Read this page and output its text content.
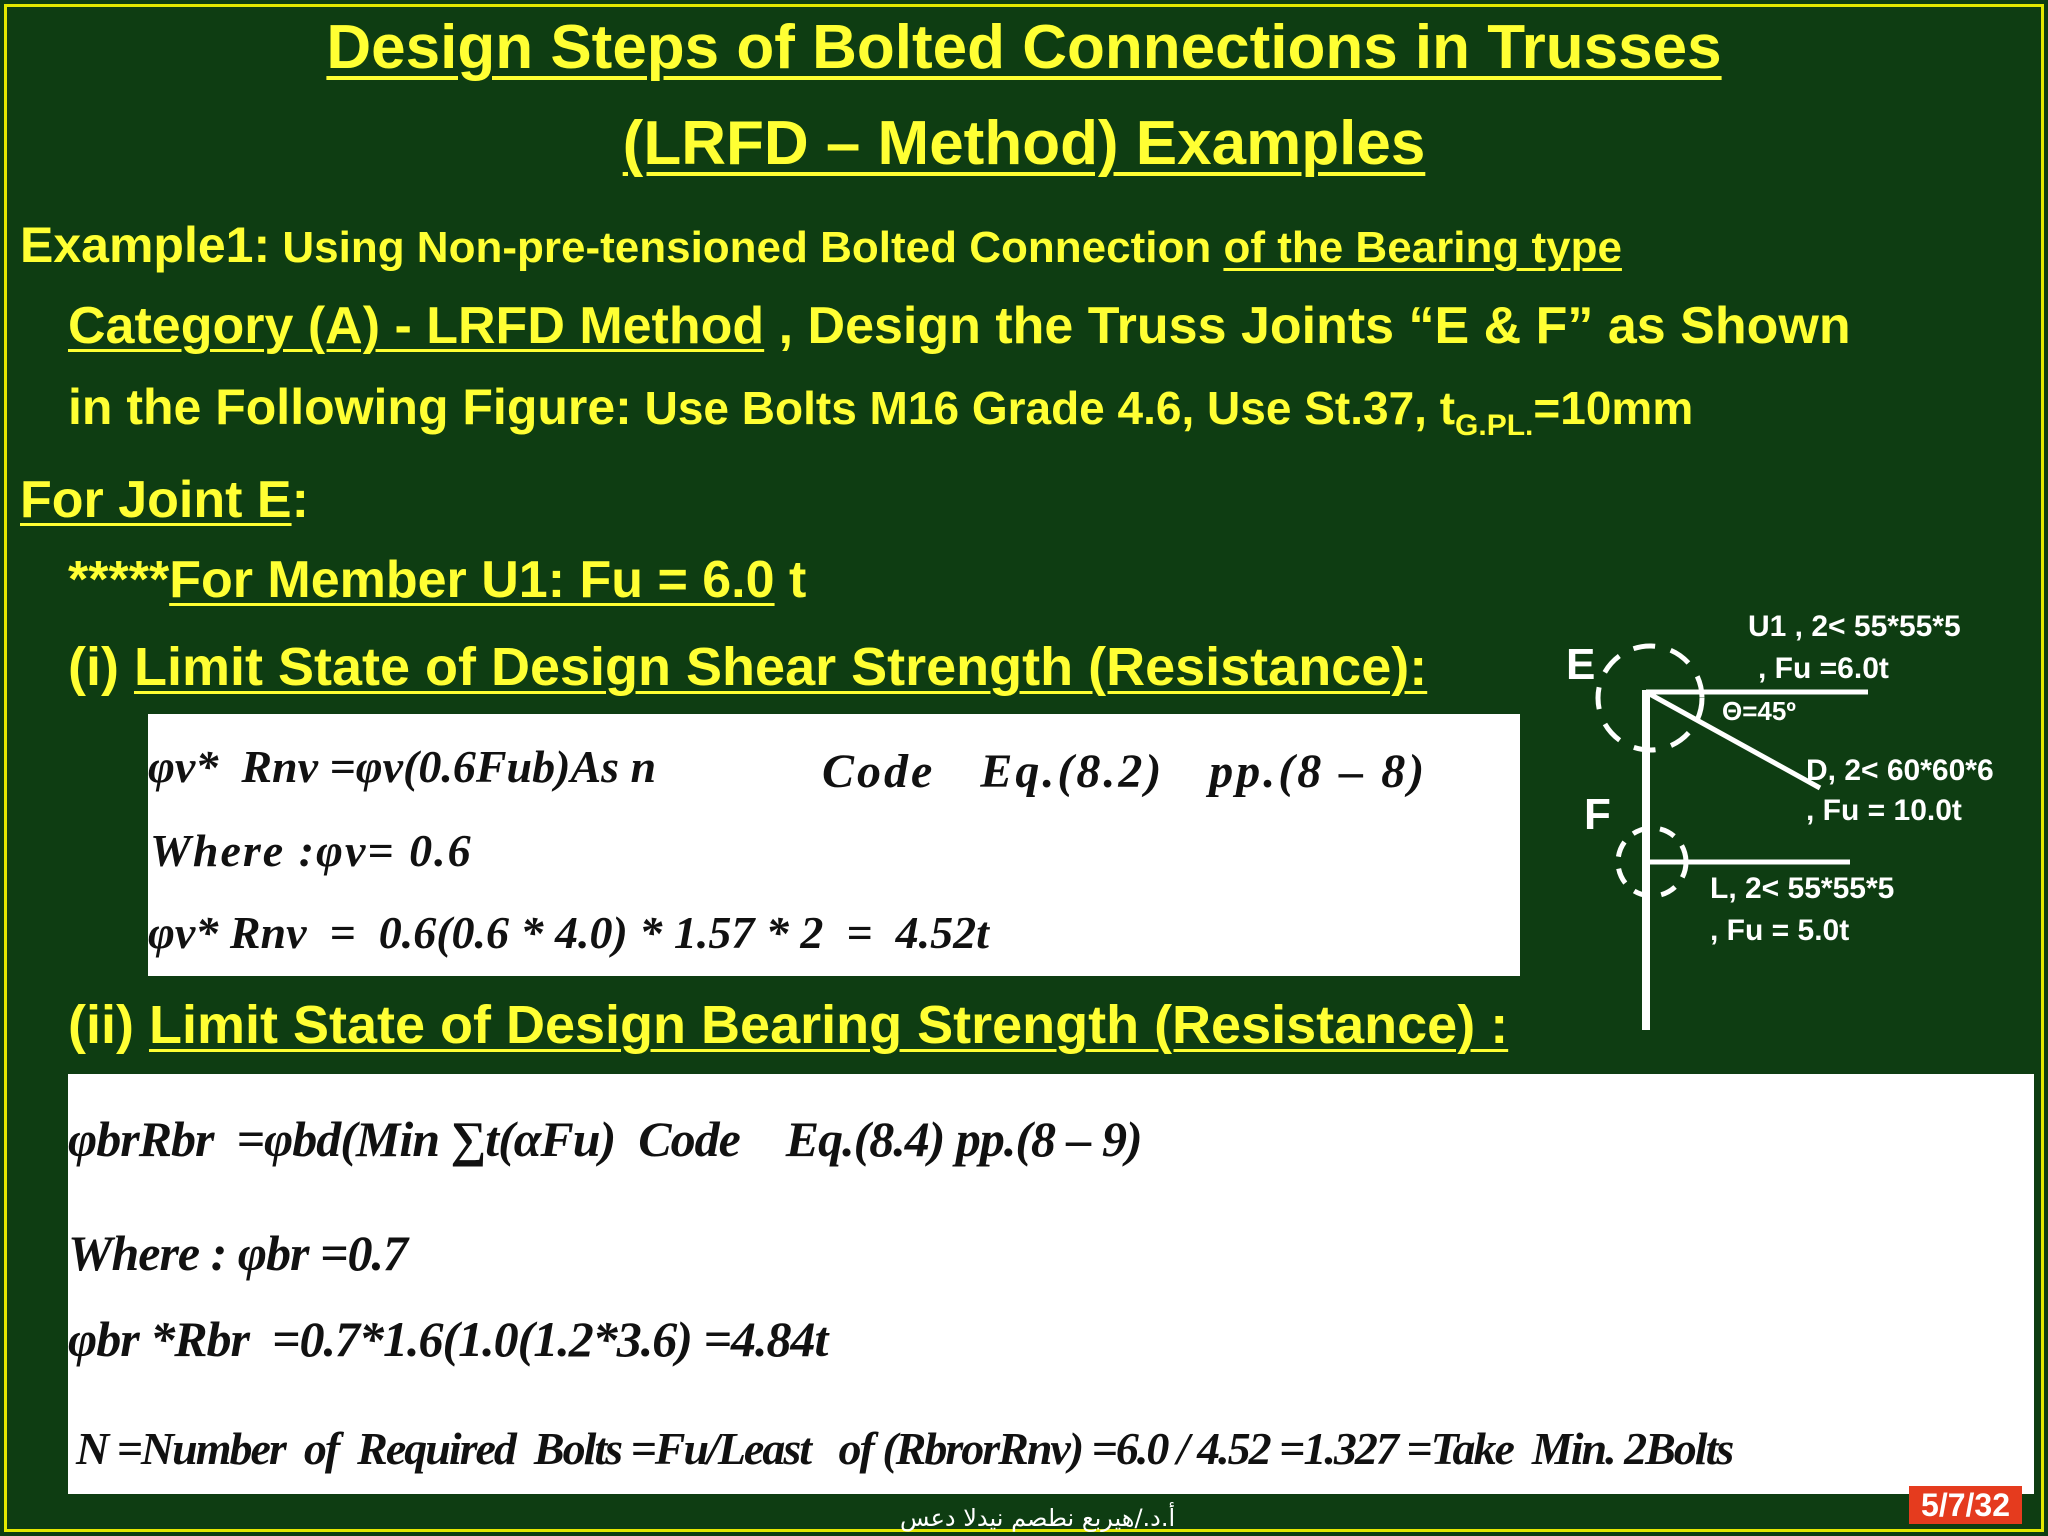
Design Steps of Bolted Connections in Trusses
(LRFD – Method) Examples
Example1: Using Non-pre-tensioned Bolted Connection of the Bearing type
Category (A) - LRFD Method , Design the Truss Joints “E & F” as Shown
in the Following Figure: Use Bolts M16 Grade 4.6, Use St.37, $t_{G.PL.}=10mm$
For Joint E:
*****For Member U1: Fu = 6.0 t
(i) Limit State of Design Shear Strength (Resistance):
φv*  Rnv =φv(0.6Fub)As n	Code   Eq.(8.2)   pp.(8 – 8)
Where :φv= 0.6
φv* Rnv  =  0.6(0.6 * 4.0) * 1.57 * 2  =  4.52t
(ii) Limit State of Design Bearing Strength (Resistance) :
φbrRbr  =φbd(Min ∑t(αFu)  Code    Eq.(8.4) pp.(8 – 9)
Where : φbr =0.7
φbr *Rbr  =0.7*1.6(1.0(1.2*3.6) =4.84t
N =Number  of  Required  Bolts =Fu/Least   of (RbrorRnv) =6.0 / 4.52 =1.327 =Take  Min. 2Bolts
E
F
U1 , 2< 55*55*5
, Fu =6.0t
Θ=45º
D, 2< 60*60*6
, Fu = 10.0t
L, 2< 55*55*5
, Fu = 5.0t
أ.د./هيربع نطصم نيدلا دعس	5/7/32
